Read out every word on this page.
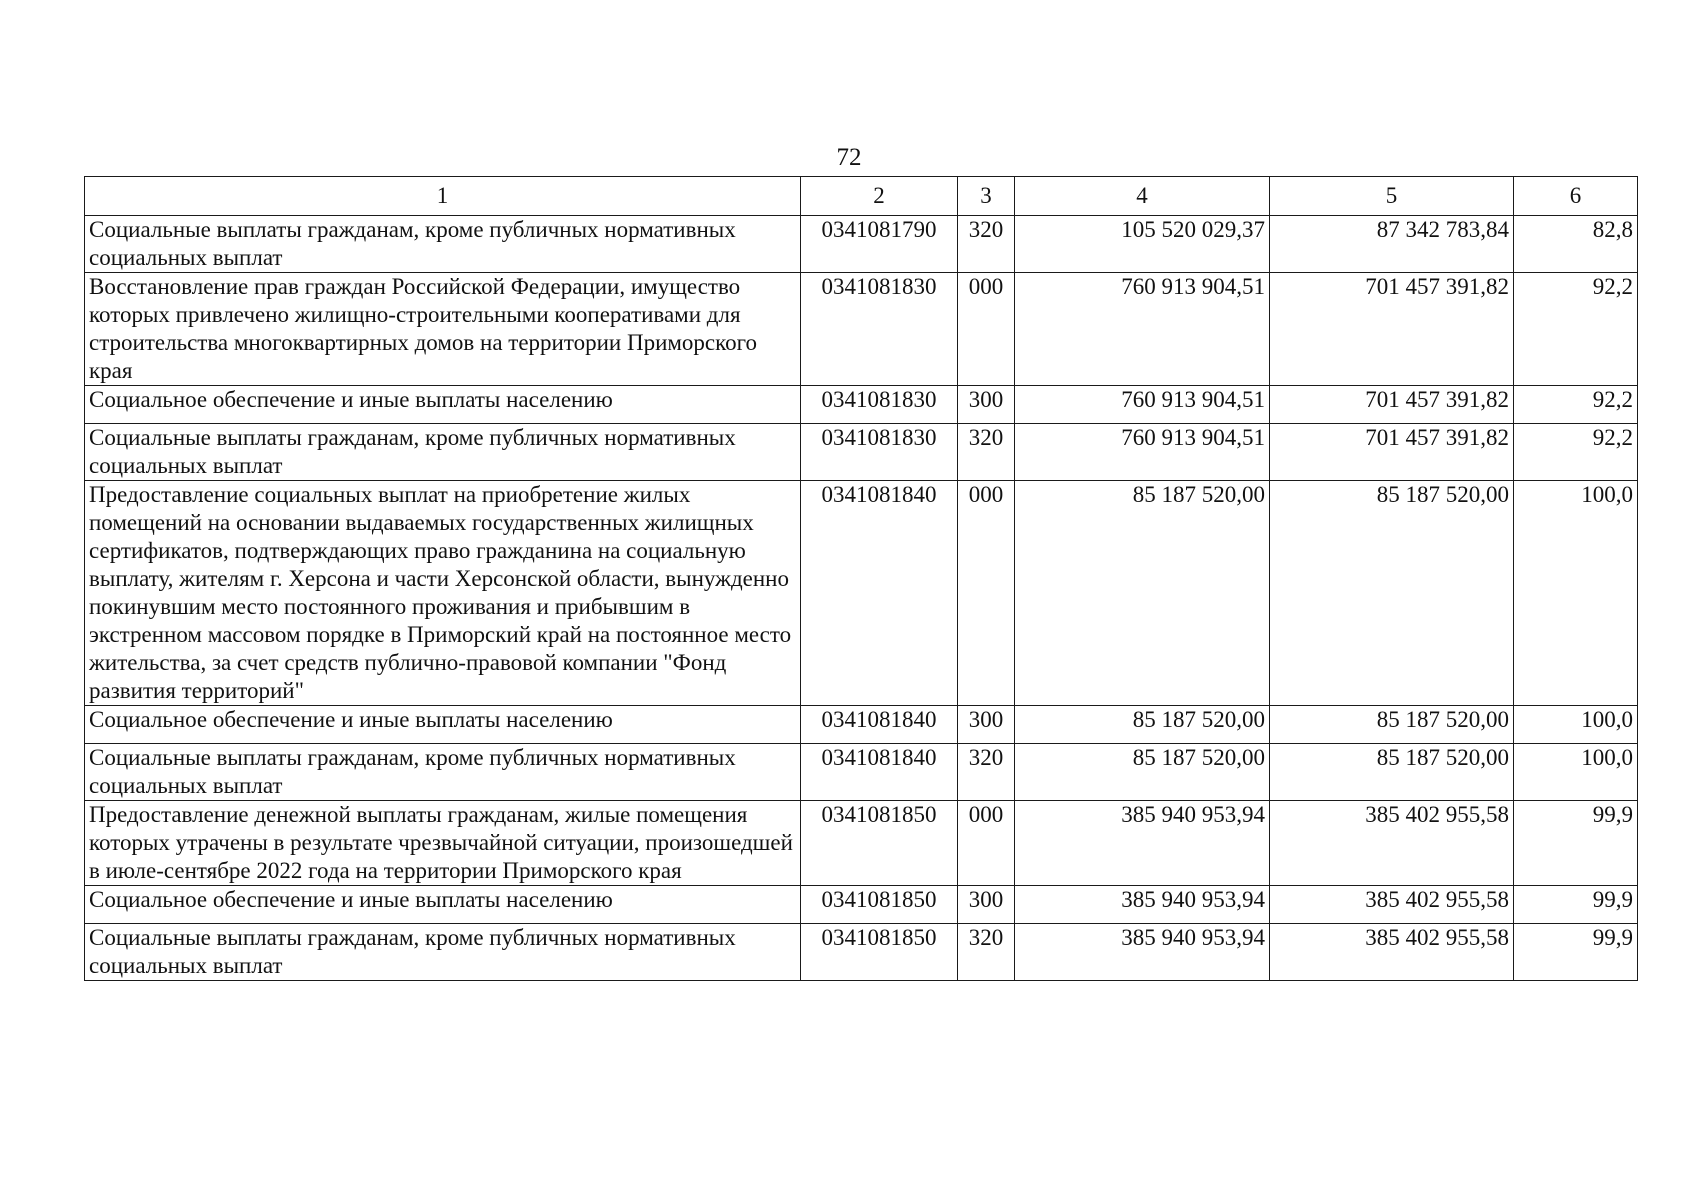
72
1	2	3	4	5	6
Социальные выплаты гражданам, кроме публичных нормативных социальных выплат	0341081790	320	105 520 029,37	87 342 783,84	82,8
Восстановление прав граждан Российской Федерации, имущество которых привлечено жилищно-строительными кооперативами для строительства многоквартирных домов на территории Приморского края	0341081830	000	760 913 904,51	701 457 391,82	92,2
Социальное обеспечение и иные выплаты населению	0341081830	300	760 913 904,51	701 457 391,82	92,2
Социальные выплаты гражданам, кроме публичных нормативных социальных выплат	0341081830	320	760 913 904,51	701 457 391,82	92,2
Предоставление социальных выплат на приобретение жилых помещений на основании выдаваемых государственных жилищных сертификатов, подтверждающих право гражданина на социальную выплату, жителям г. Херсона и части Херсонской области, вынужденно покинувшим место постоянного проживания и прибывшим в экстренном массовом порядке в Приморский край на постоянное место жительства, за счет средств публично-правовой компании "Фонд развития территорий"	0341081840	000	85 187 520,00	85 187 520,00	100,0
Социальное обеспечение и иные выплаты населению	0341081840	300	85 187 520,00	85 187 520,00	100,0
Социальные выплаты гражданам, кроме публичных нормативных социальных выплат	0341081840	320	85 187 520,00	85 187 520,00	100,0
Предоставление денежной выплаты гражданам, жилые помещения которых утрачены в результате чрезвычайной ситуации, произошедшей в июле-сентябре 2022 года на территории Приморского края	0341081850	000	385 940 953,94	385 402 955,58	99,9
Социальное обеспечение и иные выплаты населению	0341081850	300	385 940 953,94	385 402 955,58	99,9
Социальные выплаты гражданам, кроме публичных нормативных социальных выплат	0341081850	320	385 940 953,94	385 402 955,58	99,9
